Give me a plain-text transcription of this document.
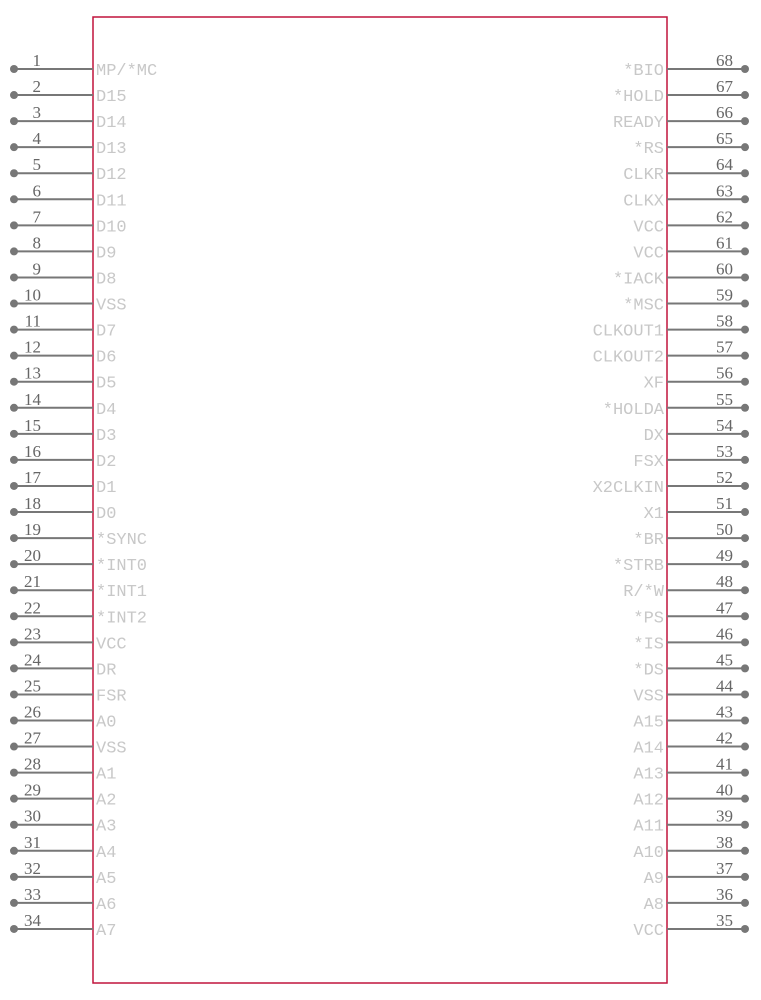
1
MP/*MC
2
D15
3
D14
4
D13
5
D12
6
D11
7
D10
8
D9
9
D8
10
VSS
11
D7
12
D6
13
D5
14
D4
15
D3
16
D2
17
D1
18
D0
19
*SYNC
20
*INT0
21
*INT1
22
*INT2
23
VCC
24
DR
25
FSR
26
A0
27
VSS
28
A1
29
A2
30
A3
31
A4
32
A5
33
A6
34
A7
68
*BIO
67
*HOLD
66
READY
65
*RS
64
CLKR
63
CLKX
62
VCC
61
VCC
60
*IACK
59
*MSC
58
CLKOUT1
57
CLKOUT2
56
XF
55
*HOLDA
54
DX
53
FSX
52
X2CLKIN
51
X1
50
*BR
49
*STRB
48
R/*W
47
*PS
46
*IS
45
*DS
44
VSS
43
A15
42
A14
41
A13
40
A12
39
A11
38
A10
37
A9
36
A8
35
VCC
